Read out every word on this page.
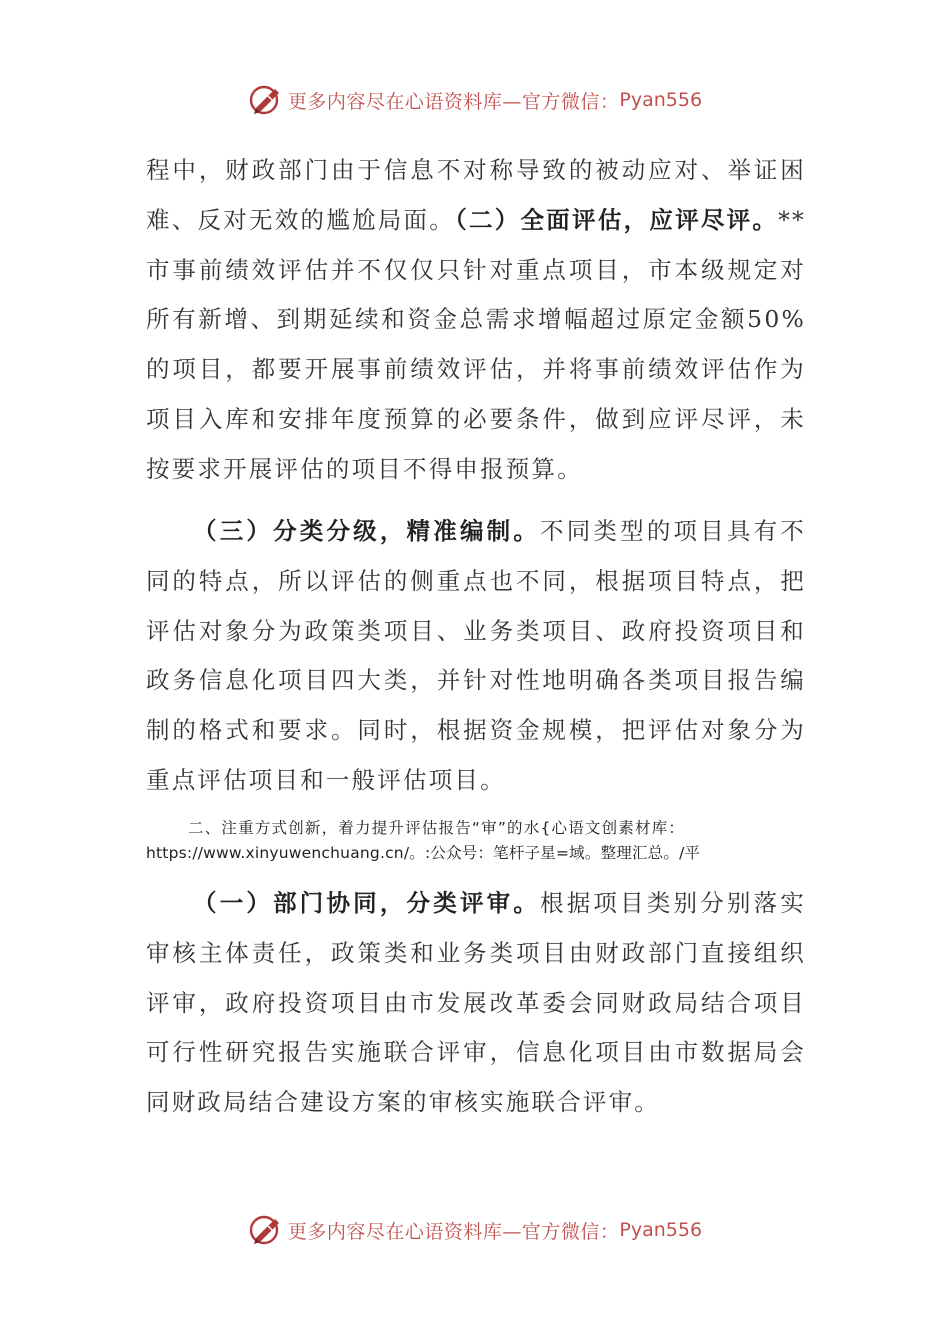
更多内容尽在心语资料库—官方微信： Pyan556

程中，财政部门由于信息不对称导致的被动应对、举证困难、反对无效的尴尬局面。（二）全面评估，应评尽评。**市事前绩效评估并不仅仅只针对重点项目，市本级规定对所有新增、到期延续和资金总需求增幅超过原定金额50%的项目，都要开展事前绩效评估，并将事前绩效评估作为项目入库和安排年度预算的必要条件，做到应评尽评，未按要求开展评估的项目不得申报预算。

（三）分类分级，精准编制。不同类型的项目具有不同的特点，所以评估的侧重点也不同，根据项目特点，把评估对象分为政策类项目、业务类项目、政府投资项目和政务信息化项目四大类，并针对性地明确各类项目报告编制的格式和要求。同时，根据资金规模，把评估对象分为重点评估项目和一般评估项目。

二、注重方式创新，着力提升评估报告“审”的水{心语文创素材库：
https://www.xinyuwenchuang.cn/。:公众号：笔杆子星=域。整理汇总。/平

（一）部门协同，分类评审。根据项目类别分别落实审核主体责任，政策类和业务类项目由财政部门直接组织评审，政府投资项目由市发展改革委会同财政局结合项目可行性研究报告实施联合评审，信息化项目由市数据局会同财政局结合建设方案的审核实施联合评审。

更多内容尽在心语资料库—官方微信： Pyan556
